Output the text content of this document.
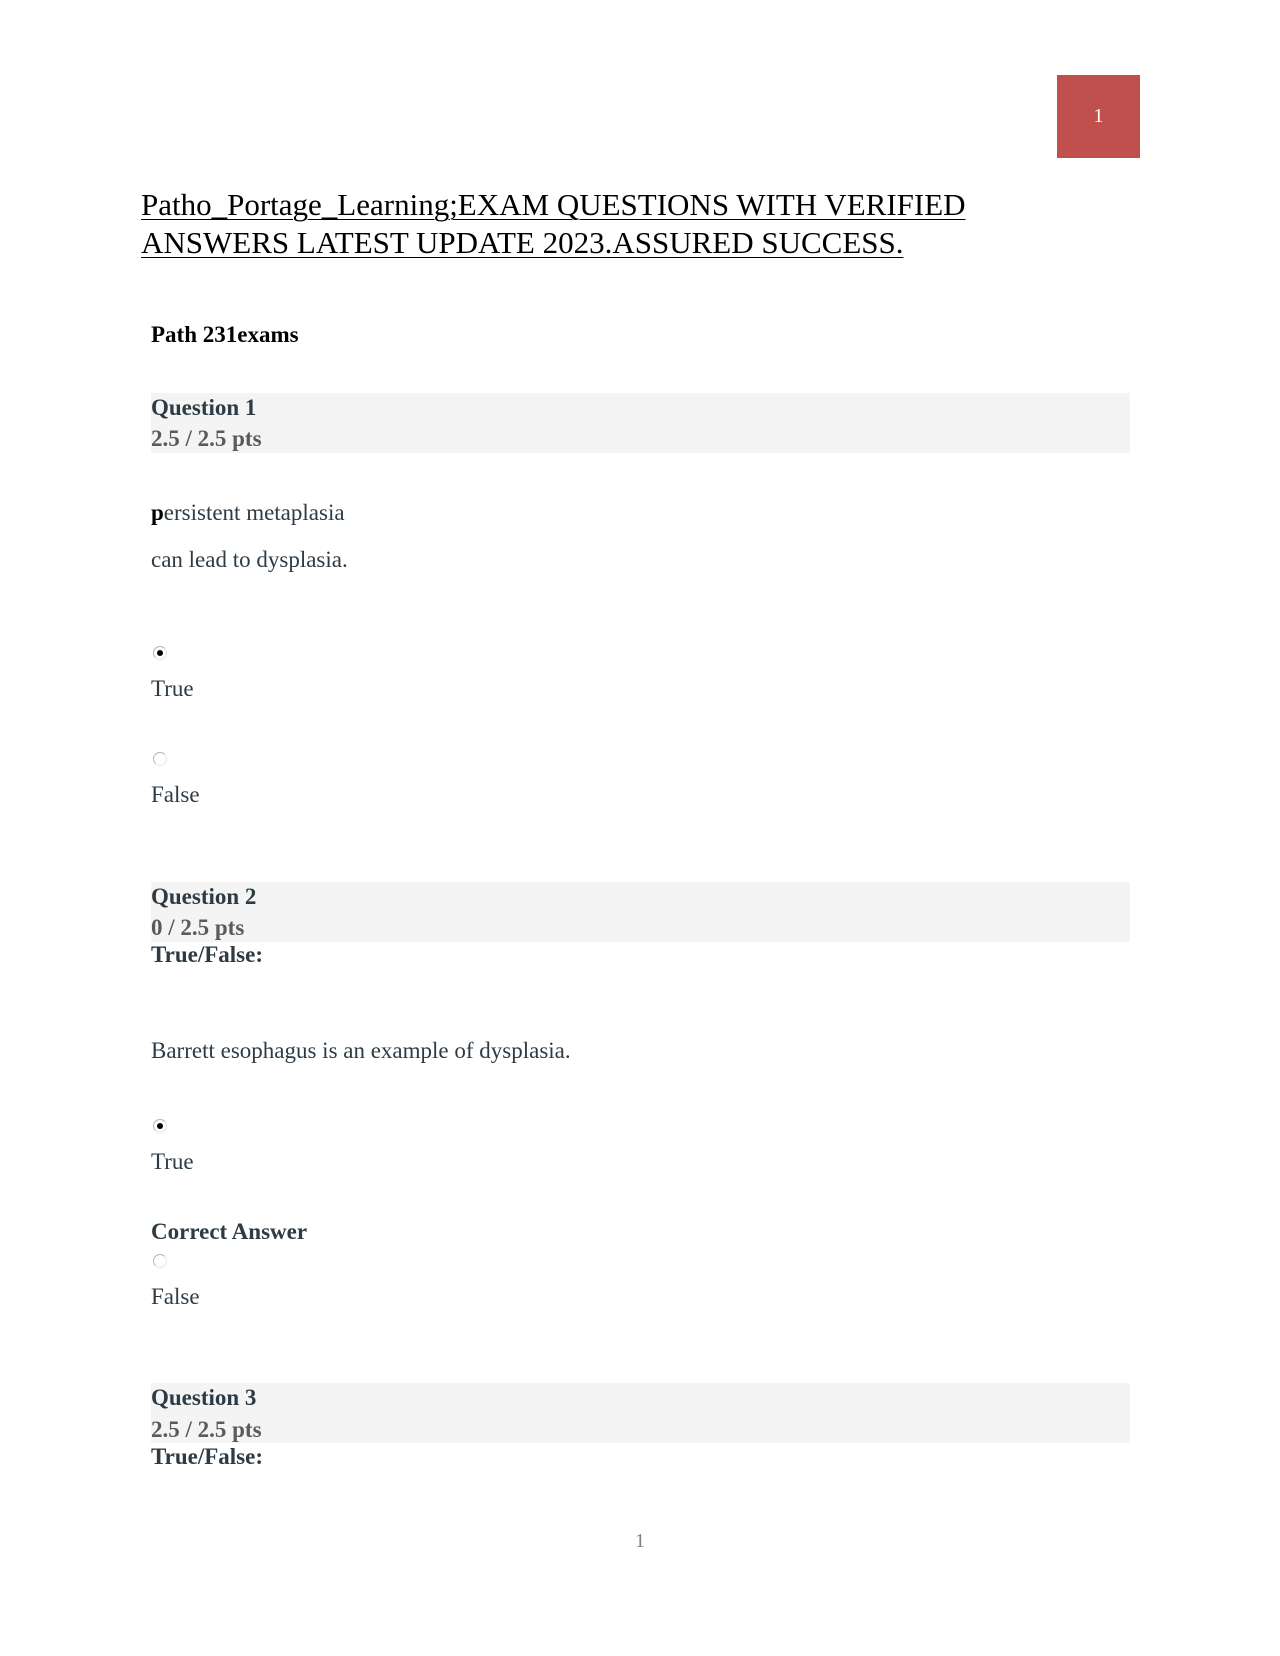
1
Patho_Portage_Learning;EXAM QUESTIONS WITH VERIFIED ANSWERS LATEST UPDATE 2023.ASSURED SUCCESS.
Path 231exams
Question 1
2.5 / 2.5 pts
persistent metaplasia
can lead to dysplasia.
True
False
Question 2
0 / 2.5 pts
True/False:
Barrett esophagus is an example of dysplasia.
True
Correct Answer
False
Question 3
2.5 / 2.5 pts
True/False:
1
